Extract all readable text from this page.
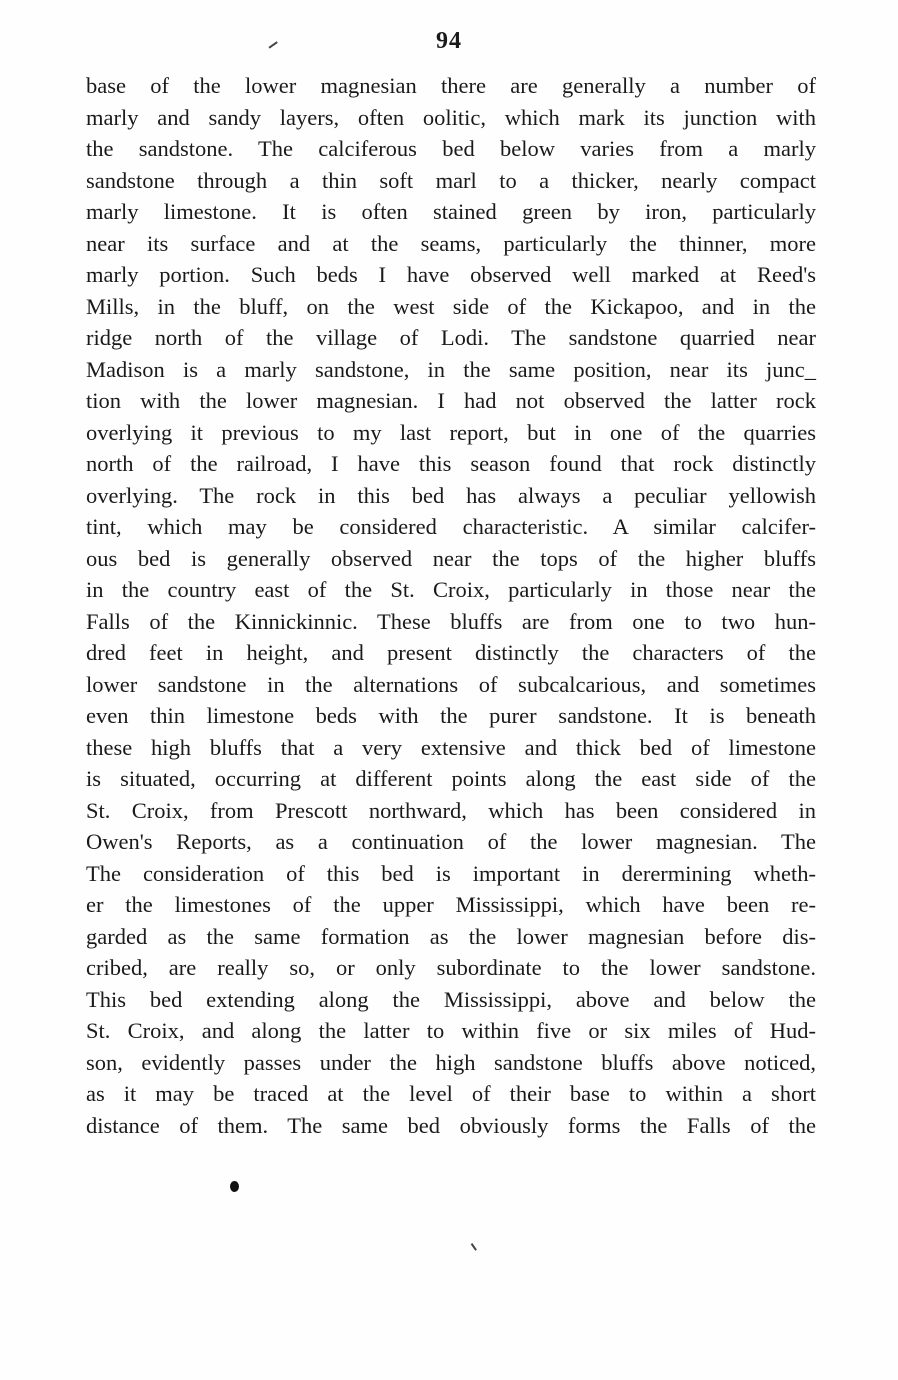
94
base of the lower magnesian there are generally a number of
marly and sandy layers, often oolitic, which mark its junction with
the sandstone. The calciferous bed below varies from a marly
sandstone through a thin soft marl to a thicker, nearly compact
marly limestone. It is often stained green by iron, particularly
near its surface and at the seams, particularly the thinner, more
marly portion. Such beds I have observed well marked at Reed's
Mills, in the bluff, on the west side of the Kickapoo, and in the
ridge north of the village of Lodi. The sandstone quarried near
Madison is a marly sandstone, in the same position, near its junc_
tion with the lower magnesian. I had not observed the latter rock
overlying it previous to my last report, but in one of the quarries
north of the railroad, I have this season found that rock distinctly
overlying. The rock in this bed has always a peculiar yellowish
tint, which may be considered characteristic. A similar calcifer-
ous bed is generally observed near the tops of the higher bluffs
in the country east of the St. Croix, particularly in those near the
Falls of the Kinnickinnic. These bluffs are from one to two hun-
dred feet in height, and present distinctly the characters of the
lower sandstone in the alternations of subcalcarious, and sometimes
even thin limestone beds with the purer sandstone. It is beneath
these high bluffs that a very extensive and thick bed of limestone
is situated, occurring at different points along the east side of the
St. Croix, from Prescott northward, which has been considered in
Owen's Reports, as a continuation of the lower magnesian. The
The consideration of this bed is important in derermining wheth-
er the limestones of the upper Mississippi, which have been re-
garded as the same formation as the lower magnesian before dis-
cribed, are really so, or only subordinate to the lower sandstone.
This bed extending along the Mississippi, above and below the
St. Croix, and along the latter to within five or six miles of Hud-
son, evidently passes under the high sandstone bluffs above noticed,
as it may be traced at the level of their base to within a short
distance of them. The same bed obviously forms the Falls of the
